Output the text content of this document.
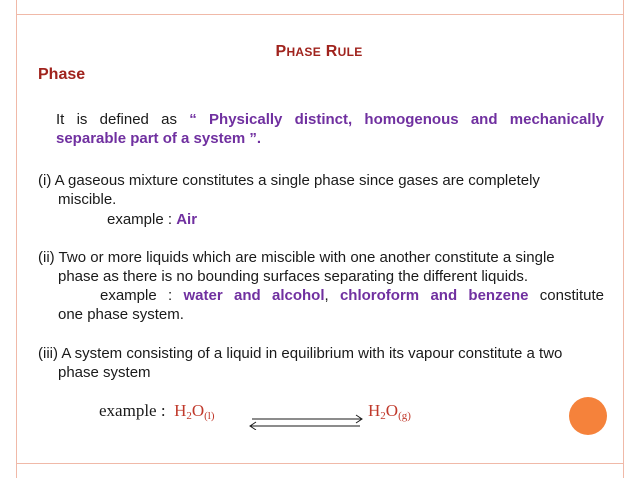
PHASE RULE
Phase
It is defined as “ Physically distinct, homogenous and mechanically
separable part of a system ”.
(i) A gaseous mixture constitutes a single phase since gases are completely
miscible.
example : Air
(ii) Two or more liquids which are miscible with one another constitute a single
phase as there is no bounding surfaces separating the different liquids.
example : water and alcohol, chloroform and benzene constitute
one phase system.
(iii) A system consisting of a liquid in equilibrium with its vapour constitute a two
phase system
example : $H_2O_{(l)}$	$H_2O_{(g)}$
